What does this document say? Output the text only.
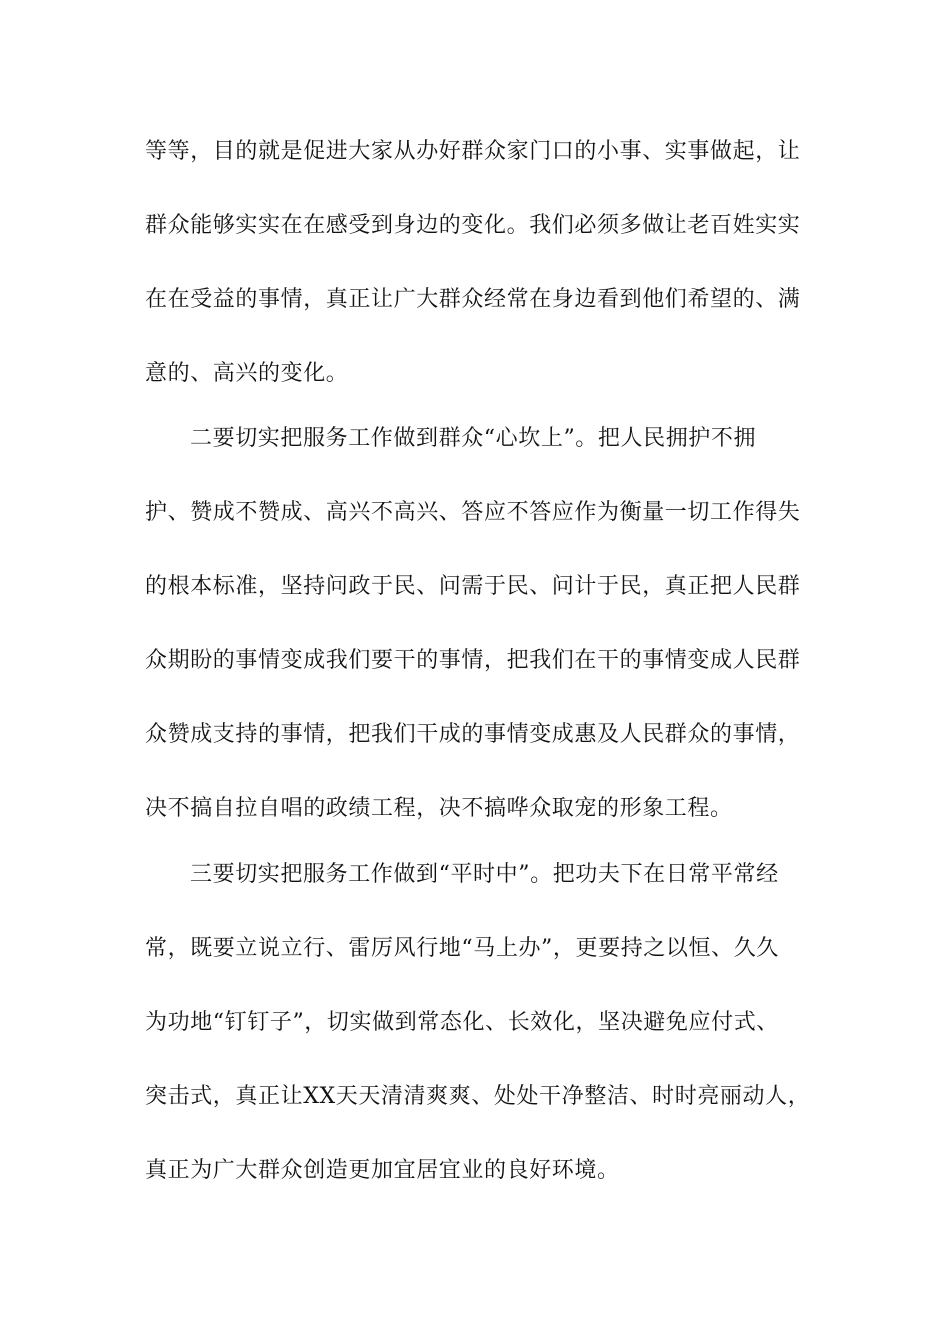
等等，目的就是促进大家从办好群众家门口的小事、实事做起，让
群众能够实实在在感受到身边的变化。我们必须多做让老百姓实实
在在受益的事情，真正让广大群众经常在身边看到他们希望的、满
意的、高兴的变化。
二要切实把服务工作做到群众“心坎上”。把人民拥护不拥
护、赞成不赞成、高兴不高兴、答应不答应作为衡量一切工作得失
的根本标准，坚持问政于民、问需于民、问计于民，真正把人民群
众期盼的事情变成我们要干的事情，把我们在干的事情变成人民群
众赞成支持的事情，把我们干成的事情变成惠及人民群众的事情，
决不搞自拉自唱的政绩工程，决不搞哗众取宠的形象工程。
三要切实把服务工作做到“平时中”。把功夫下在日常平常经
常，既要立说立行、雷厉风行地“马上办”，更要持之以恒、久久
为功地“钉钉子”，切实做到常态化、长效化，坚决避免应付式、
突击式，真正让XX天天清清爽爽、处处干净整洁、时时亮丽动人，
真正为广大群众创造更加宜居宜业的良好环境。
